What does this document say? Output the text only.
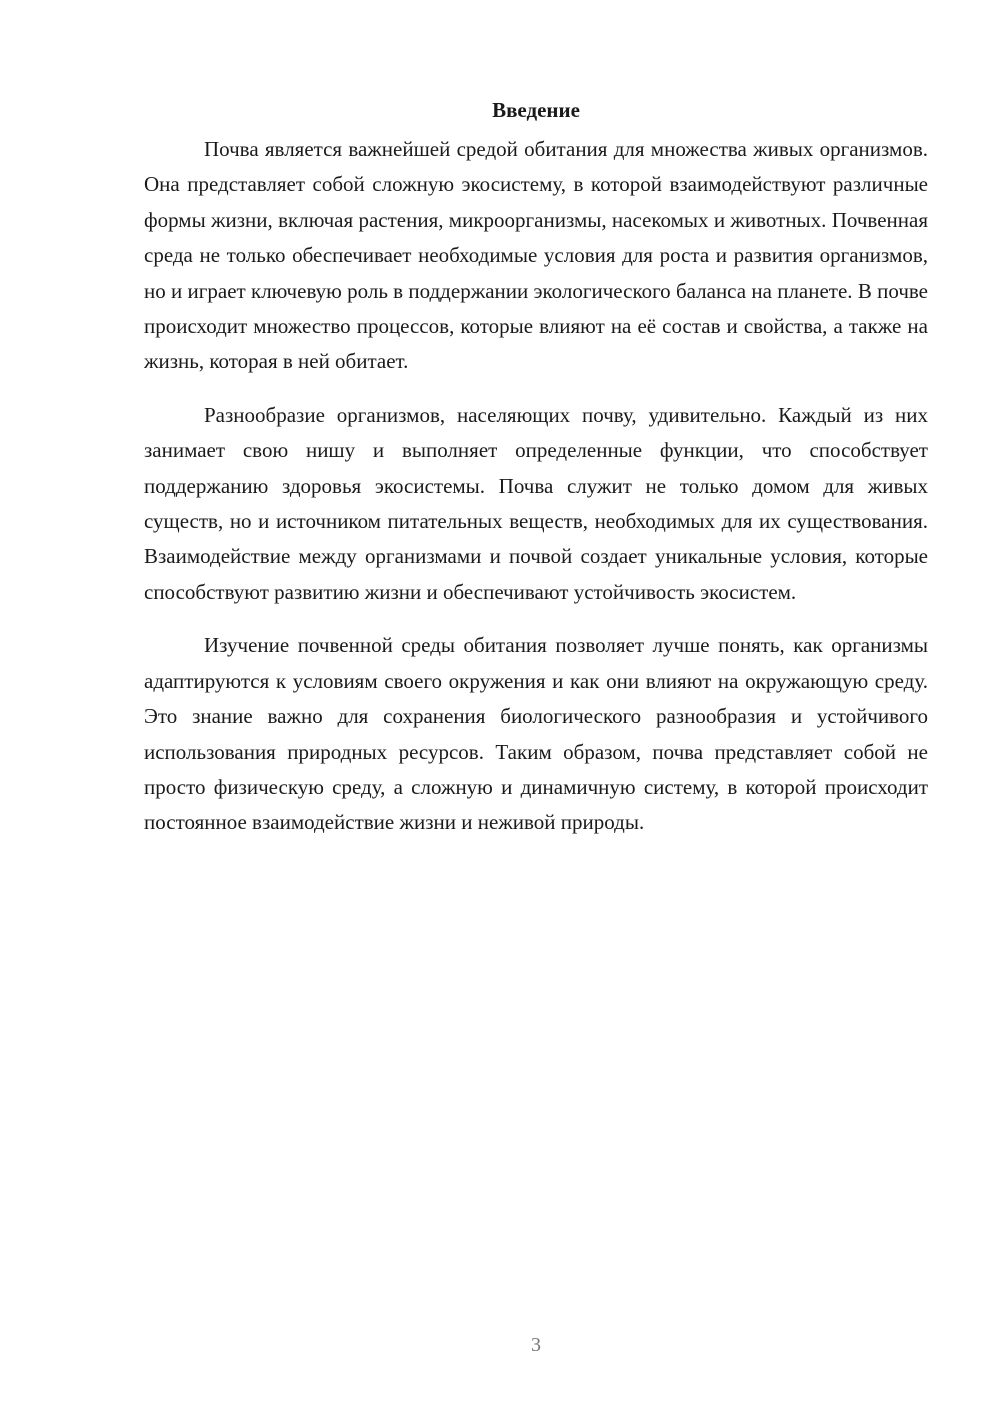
Введение

Почва является важнейшей средой обитания для множества живых организмов. Она представляет собой сложную экосистему, в которой взаимодействуют различные формы жизни, включая растения, микроорганизмы, насекомых и животных. Почвенная среда не только обеспечивает необходимые условия для роста и развития организмов, но и играет ключевую роль в поддержании экологического баланса на планете. В почве происходит множество процессов, которые влияют на её состав и свойства, а также на жизнь, которая в ней обитает.

Разнообразие организмов, населяющих почву, удивительно. Каждый из них занимает свою нишу и выполняет определенные функции, что способствует поддержанию здоровья экосистемы. Почва служит не только домом для живых существ, но и источником питательных веществ, необходимых для их существования. Взаимодействие между организмами и почвой создает уникальные условия, которые способствуют развитию жизни и обеспечивают устойчивость экосистем.

Изучение почвенной среды обитания позволяет лучше понять, как организмы адаптируются к условиям своего окружения и как они влияют на окружающую среду. Это знание важно для сохранения биологического разнообразия и устойчивого использования природных ресурсов. Таким образом, почва представляет собой не просто физическую среду, а сложную и динамичную систему, в которой происходит постоянное взаимодействие жизни и неживой природы.

3
